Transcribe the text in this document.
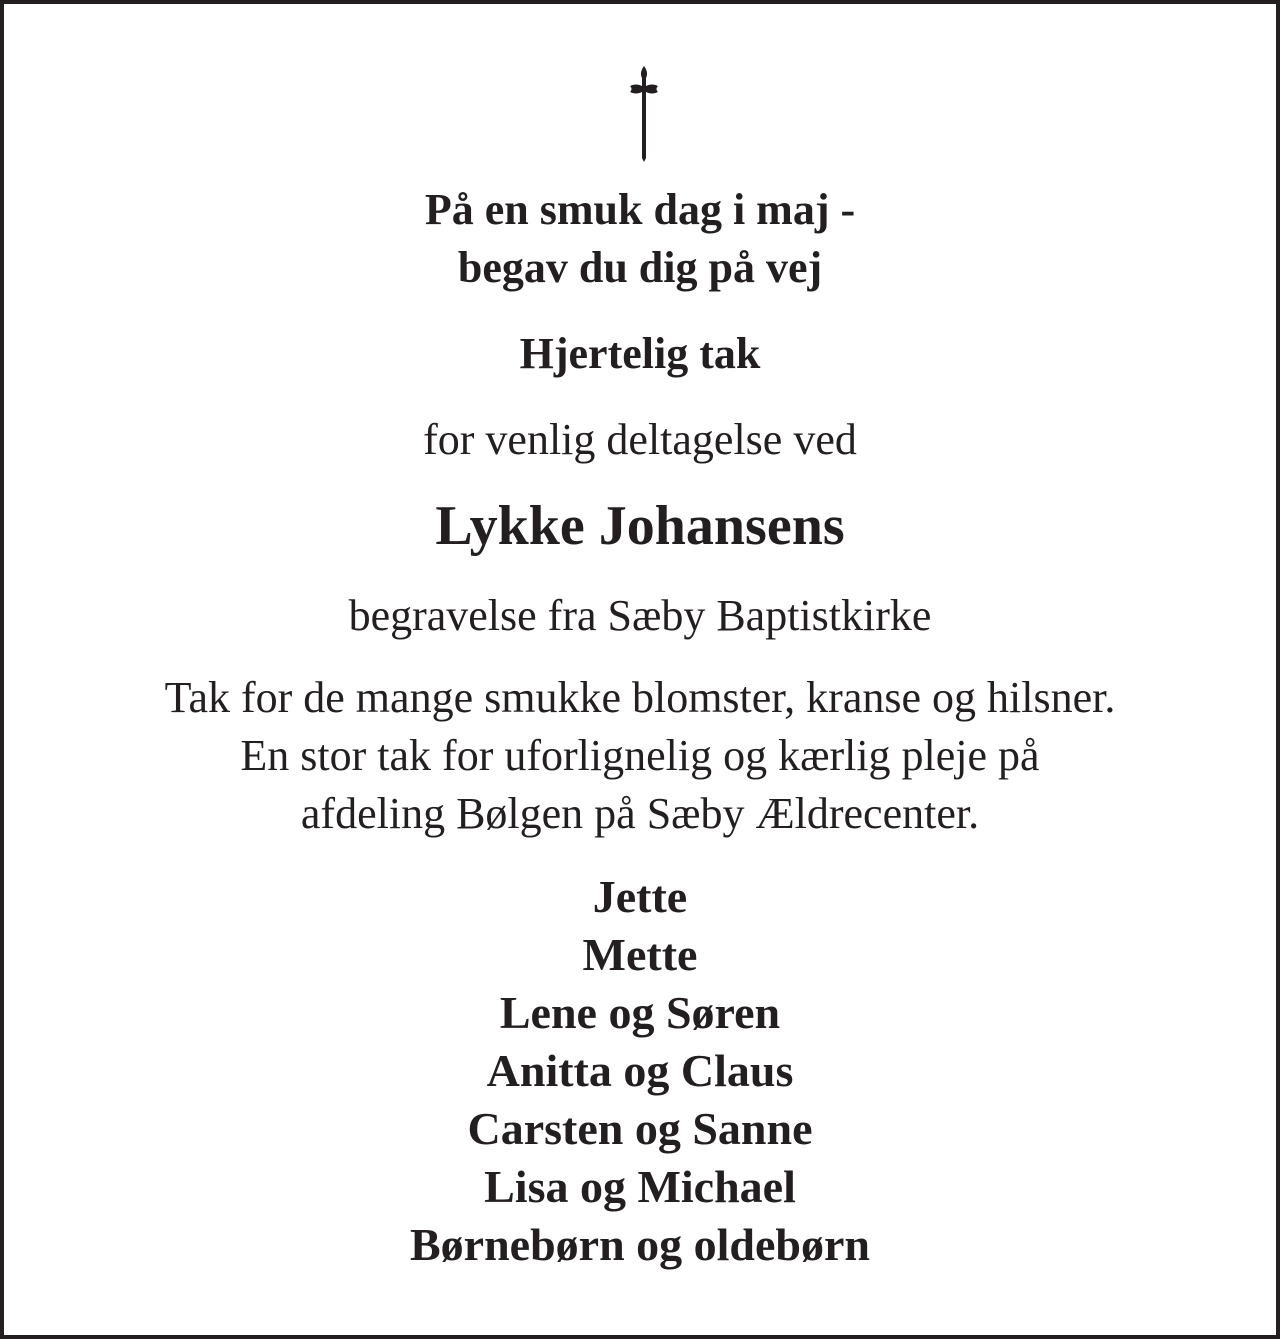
På en smuk dag i maj -
begav du dig på vej
Hjertelig tak
for venlig deltagelse ved
Lykke Johansens
begravelse fra Sæby Baptistkirke
Tak for de mange smukke blomster, kranse og hilsner.
En stor tak for uforlignelig og kærlig pleje på
afdeling Bølgen på Sæby Ældrecenter.
Jette
Mette
Lene og Søren
Anitta og Claus
Carsten og Sanne
Lisa og Michael
Børnebørn og oldebørn
